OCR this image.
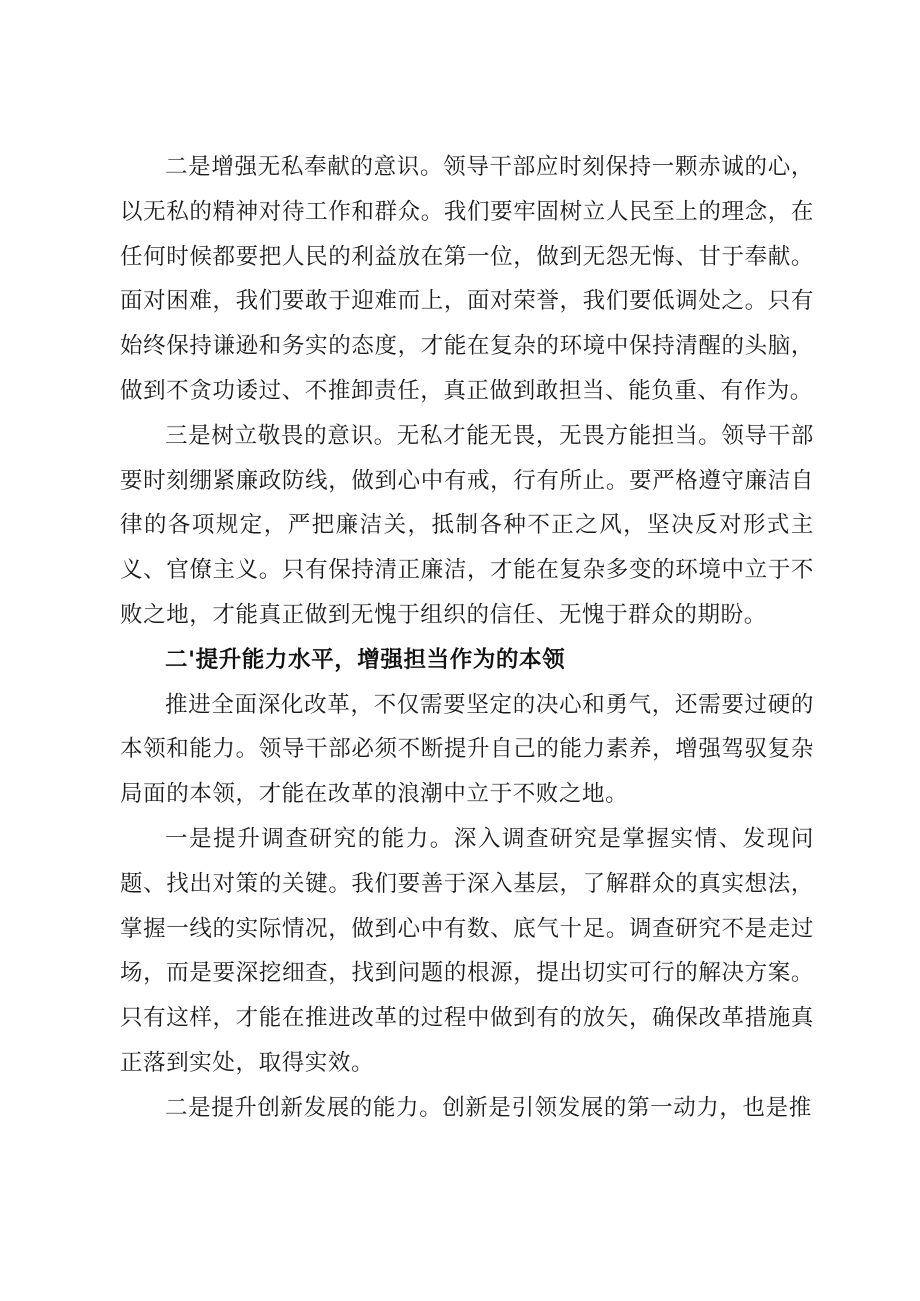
二是增强无私奉献的意识。领导干部应时刻保持一颗赤诚的心，以无私的精神对待工作和群众。我们要牢固树立人民至上的理念，在任何时候都要把人民的利益放在第一位，做到无怨无悔、甘于奉献。面对困难，我们要敢于迎难而上，面对荣誉，我们要低调处之。只有始终保持谦逊和务实的态度，才能在复杂的环境中保持清醒的头脑，做到不贪功诿过、不推卸责任，真正做到敢担当、能负重、有作为。

三是树立敬畏的意识。无私才能无畏，无畏方能担当。领导干部要时刻绷紧廉政防线，做到心中有戒，行有所止。要严格遵守廉洁自律的各项规定，严把廉洁关，抵制各种不正之风，坚决反对形式主义、官僚主义。只有保持清正廉洁，才能在复杂多变的环境中立于不败之地，才能真正做到无愧于组织的信任、无愧于群众的期盼。

二'提升能力水平，增强担当作为的本领

推进全面深化改革，不仅需要坚定的决心和勇气，还需要过硬的本领和能力。领导干部必须不断提升自己的能力素养，增强驾驭复杂局面的本领，才能在改革的浪潮中立于不败之地。

一是提升调查研究的能力。深入调查研究是掌握实情、发现问题、找出对策的关键。我们要善于深入基层，了解群众的真实想法，掌握一线的实际情况，做到心中有数、底气十足。调查研究不是走过场，而是要深挖细查，找到问题的根源，提出切实可行的解决方案。只有这样，才能在推进改革的过程中做到有的放矢，确保改革措施真正落到实处，取得实效。

二是提升创新发展的能力。创新是引领发展的第一动力，也是推
